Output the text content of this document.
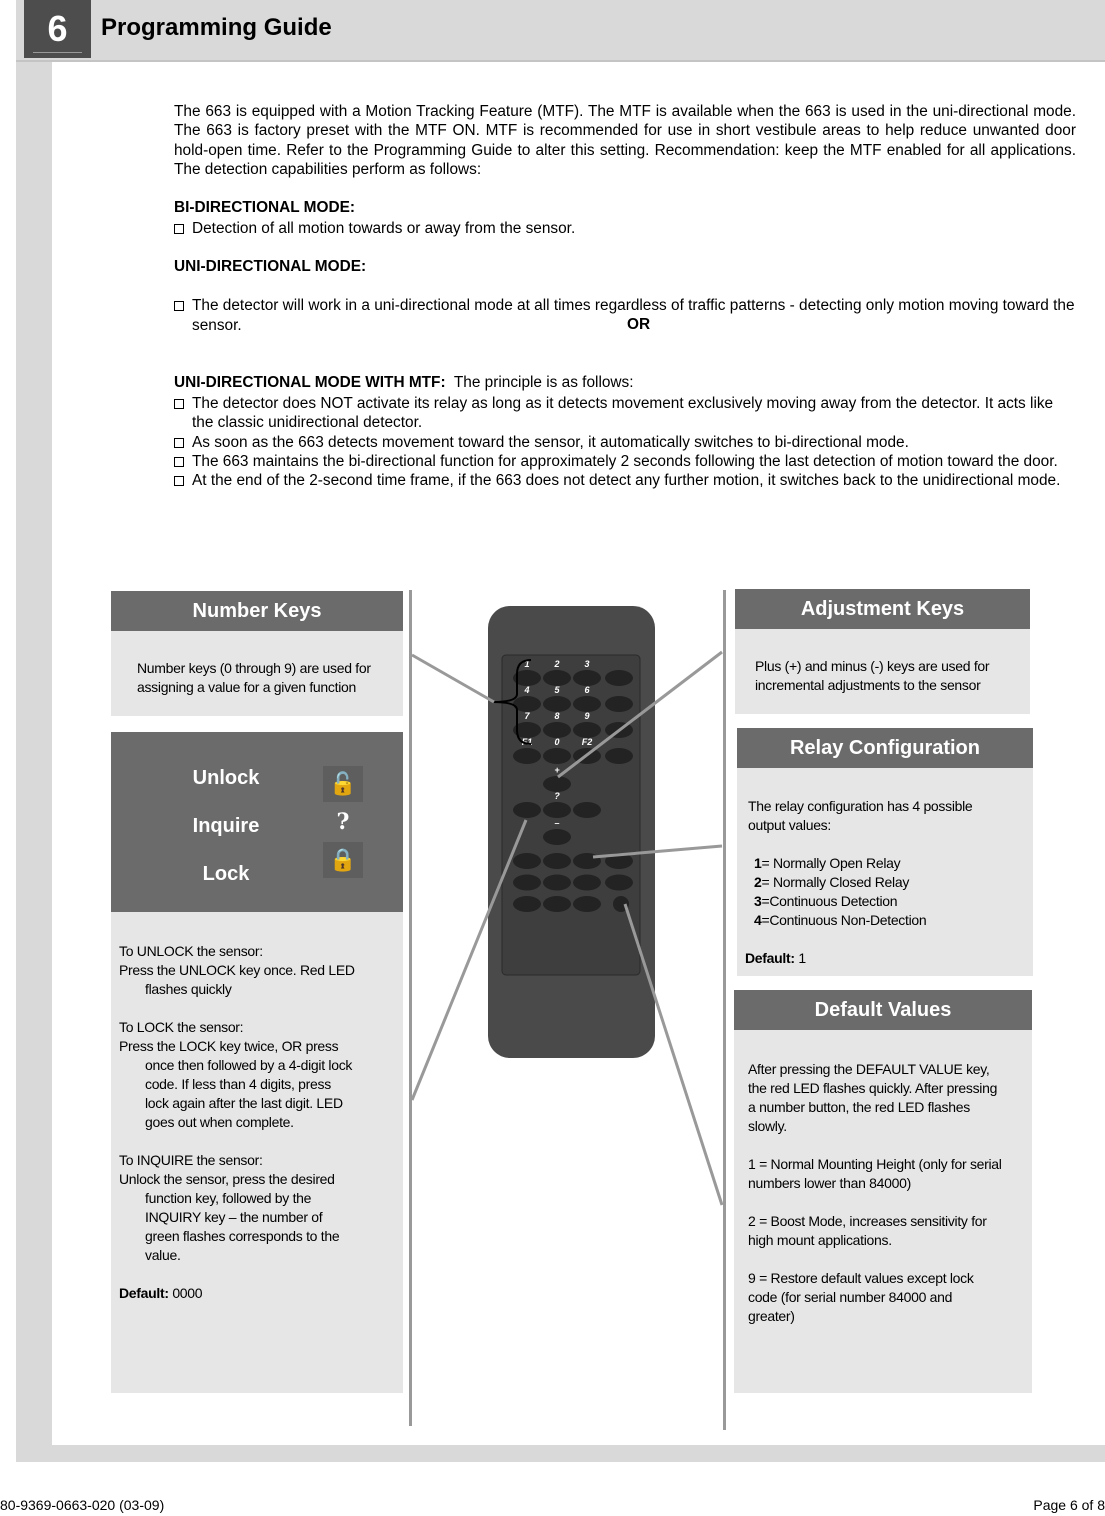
6	Programming Guide
The 663 is equipped with a Motion Tracking Feature (MTF). The MTF is available when the 663 is used in the uni-directional mode. The 663 is factory preset with the MTF ON. MTF is recommended for use in short vestibule areas to help reduce unwanted door hold-open time. Refer to the Programming Guide to alter this setting. Recommendation: keep the MTF enabled for all applications. The detection capabilities perform as follows:
BI-DIRECTIONAL MODE:
Detection of all motion towards or away from the sensor.
UNI-DIRECTIONAL MODE:
The detector will work in a uni-directional mode at all times regardless of traffic patterns - detecting only motion moving toward the sensor.	OR
UNI-DIRECTIONAL MODE WITH MTF: The principle is as follows:
The detector does NOT activate its relay as long as it detects movement exclusively moving away from the detector. It acts like the classic unidirectional detector.
As soon as the 663 detects movement toward the sensor, it automatically switches to bi-directional mode.
The 663 maintains the bi-directional function for approximately 2 seconds following the last detection of motion toward the door.
At the end of the 2-second time frame, if the 663 does not detect any further motion, it switches back to the unidirectional mode.
Number Keys
Number keys (0 through 9) are used for assigning a value for a given function
Unlock
Inquire
Lock
🔓
?
🔒
To UNLOCK the sensor:
Press the UNLOCK key once. Red LED
flashes quickly
To LOCK the sensor:
Press the LOCK key twice, OR press
once then followed by a 4-digit lock
code. If less than 4 digits, press
lock again after the last digit. LED
goes out when complete.
To INQUIRE the sensor:
Unlock the sensor, press the desired
function key, followed by the
INQUIRY key – the number of
green flashes corresponds to the
value.
Default: 0000
Adjustment Keys
Plus (+) and minus (-) keys are used for incremental adjustments to the sensor
Relay Configuration
The relay configuration has 4 possible output values:
1= Normally Open Relay
2= Normally Closed Relay
3=Continuous Detection
4=Continuous Non-Detection
Default: 1
Default Values

After pressing the DEFAULT VALUE key, the red LED flashes quickly. After pressing a number button, the red LED flashes slowly.

1 = Normal Mounting Height (only for serial numbers lower than 84000)

2 = Boost Mode, increases sensitivity for high mount applications.

9 = Restore default values except lock code (for serial number 84000 and greater)

1	2	3
4	5	6
7	8	9
F1 0 F2
+
?
–
80-9369-0663-020 (03-09)	Page 6 of 8
